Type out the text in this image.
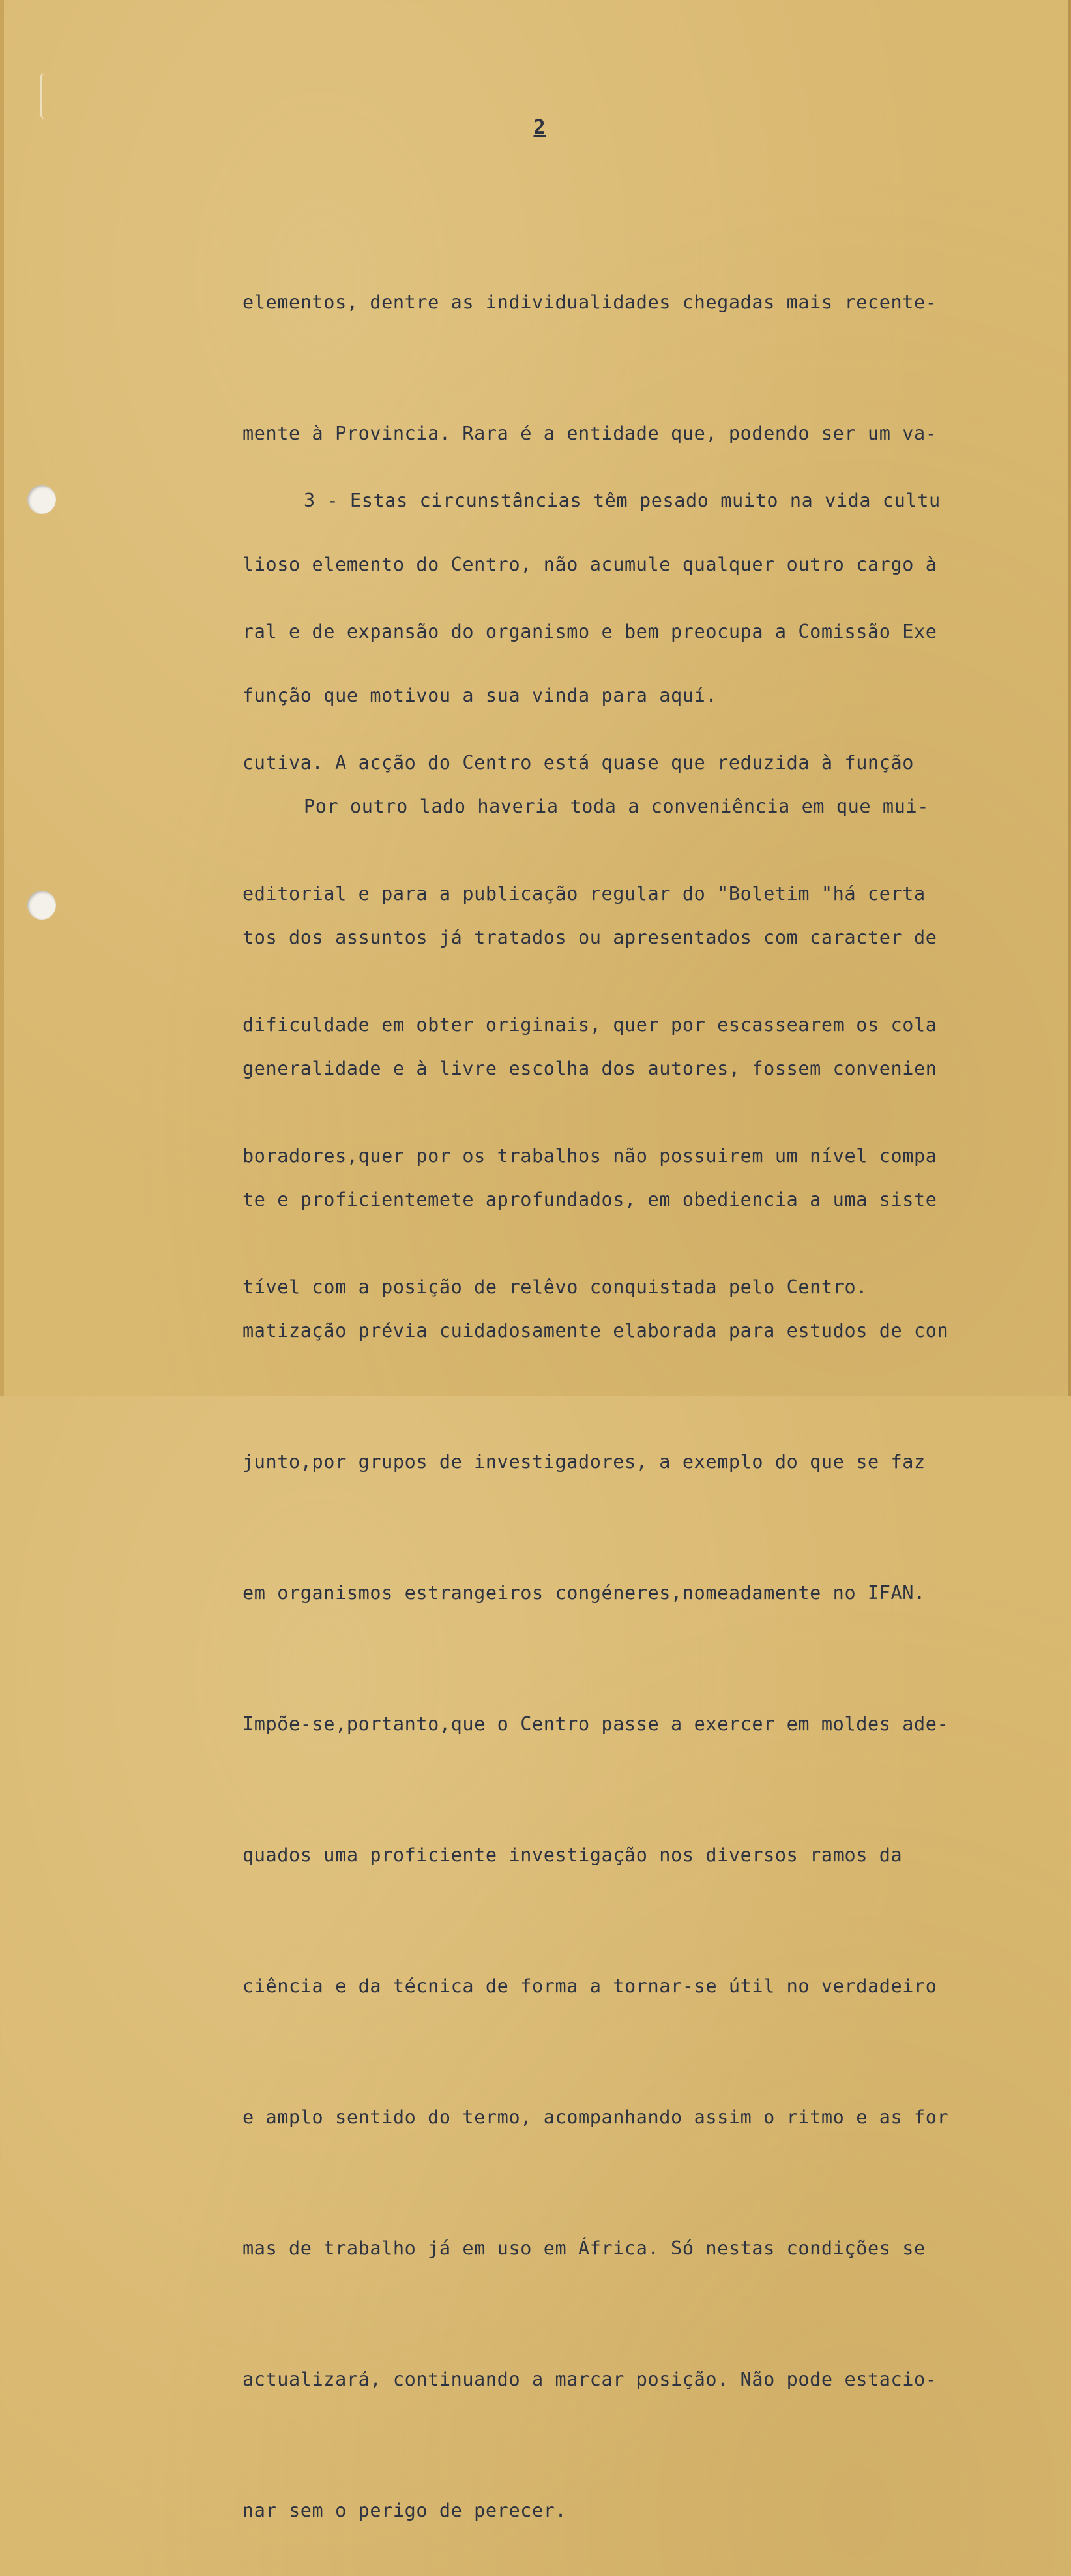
2

elementos, dentre as individualidades chegadas mais recente-

mente à Provincia. Rara é a entidade que, podendo ser um va-

lioso elemento do Centro, não acumule qualquer outro cargo à

função que motivou a sua vinda para aquí.

3 - Estas circunstâncias têm pesado muito na vida cultu

ral e de expansão do organismo e bem preocupa a Comissão Exe

cutiva. A acção do Centro está quase que reduzida à função

editorial e para a publicação regular do "Boletim "há certa

dificuldade em obter originais, quer por escassearem os cola

boradores,quer por os trabalhos não possuirem um nível compa

tível com a posição de relêvo conquistada pelo Centro.

Por outro lado haveria toda a conveniência em que mui-

tos dos assuntos já tratados ou apresentados com caracter de

generalidade e à livre escolha dos autores, fossem convenien

te e proficientemete aprofundados, em obediencia a uma siste

matização prévia cuidadosamente elaborada para estudos de con

junto,por grupos de investigadores, a exemplo do que se faz

em organismos estrangeiros congéneres,nomeadamente no IFAN.

Impõe-se,portanto,que o Centro passe a exercer em moldes ade-

quados uma proficiente investigação nos diversos ramos da

ciência e da técnica de forma a tornar-se útil no verdadeiro

e amplo sentido do termo, acompanhando assim o ritmo e as for

mas de trabalho já em uso em África. Só nestas condições se

actualizará, continuando a marcar posição. Não pode estacio-

nar sem o perigo de perecer.
